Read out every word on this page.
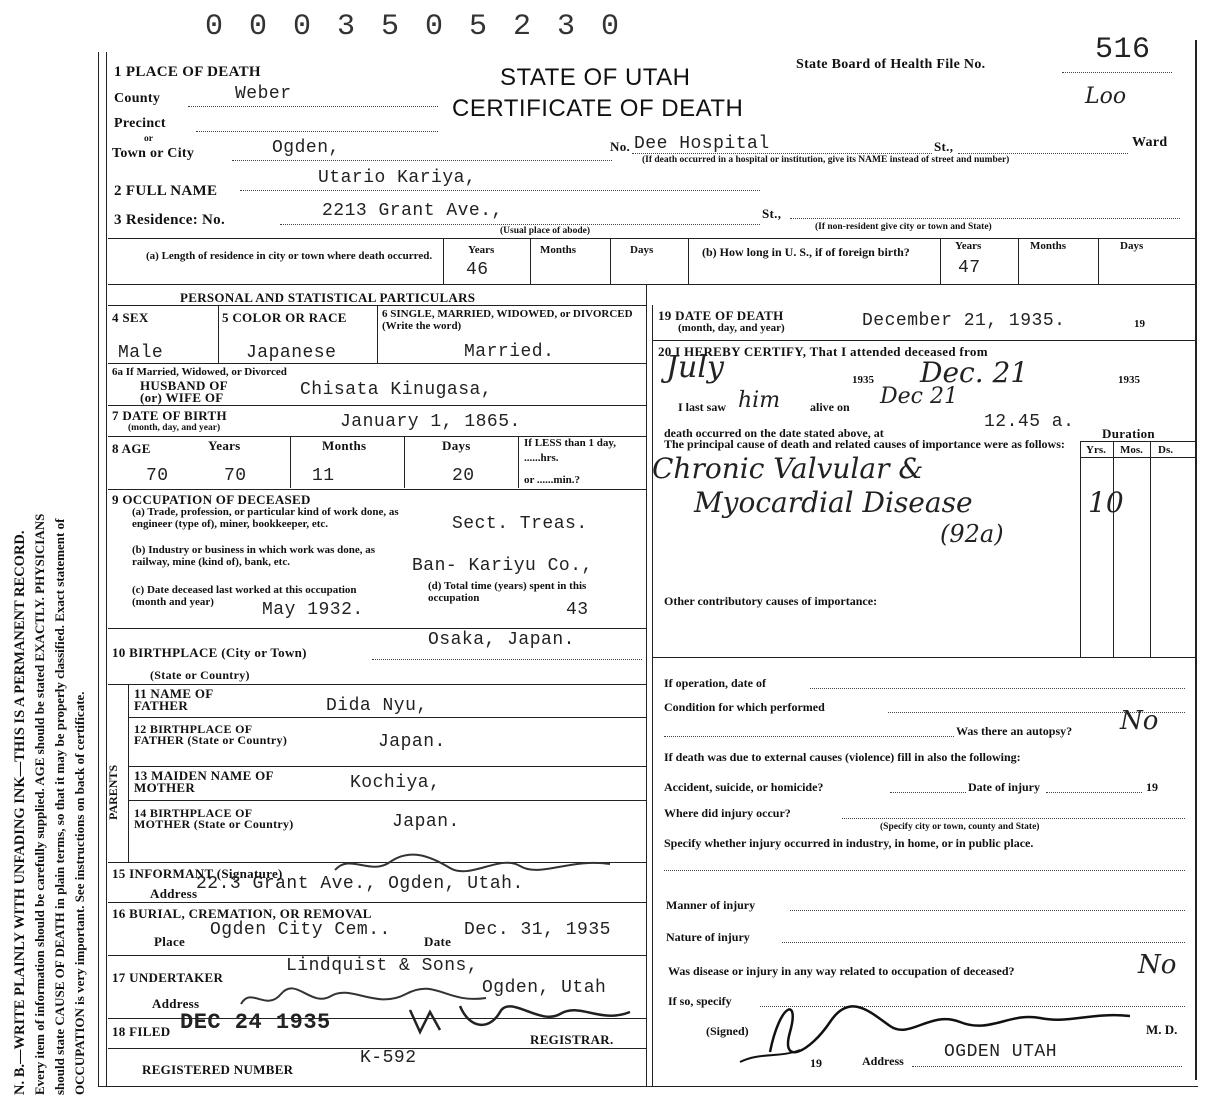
N. B.—WRITE PLAINLY WITH UNFADING INK—THIS IS A PERMANENT RECORD. Every item of information should be carefully supplied. AGE should be stated EXACTLY. PHYSICIANS should state CAUSE OF DEATH in plain terms, so that it may be properly classified. Exact statement of OCCUPATION is very important. See instructions on back of certificate.
0 0 0 3 5 0 5 2 3 0
1 PLACE OF DEATH	STATE OF UTAH
CERTIFICATE OF DEATH
State Board of Health File No.	516
Loo
County	Weber
Precinct
or
Town or City	Ogden,	No. Dee Hospital	St.,	Ward
(If death occurred in a hospital or institution, give its NAME instead of street and number)
2 FULL NAME
Utario Kariya,
3 Residence: No.	2213 Grant Ave.,	St.,
(Usual place of abode)	(If non-resident give city or town and State)
(a) Length of residence in city or town where death occurred.	Years	Months	Days
46
(b) How long in U. S., if of foreign birth?	Years	Months	Days
47
PERSONAL AND STATISTICAL PARTICULARS
4 SEX	5 COLOR OR RACE	6 SINGLE, MARRIED, WIDOWED, or DIVORCED (Write the word)
Male	Japanese	Married.
6a If Married, Widowed, or Divorced
HUSBAND OF
(or) WIFE OF	Chisata Kinugasa,
7 DATE OF BIRTH
(month, day, and year)	January 1, 1865.
8 AGE	Years	Months	Days
70	70	11	20
If LESS than 1 day, ......hrs.
or ......min.?
9 OCCUPATION OF DECEASED
(a) Trade, profession, or particular kind of work done, as engineer (type of), miner, bookkeeper, etc.	Sect. Treas.
(b) Industry or business in which work was done, as railway, mine (kind of), bank, etc.	Ban- Kariyu Co.,
(c) Date deceased last worked at this occupation (month and year)	May 1932.
(d) Total time (years) spent in this occupation
43
10 BIRTHPLACE (City or Town)
Osaka, Japan.
(State or Country)
PARENTS
11 NAME OF FATHER	Dida Nyu,
12 BIRTHPLACE OF FATHER (State or Country)	Japan.
13 MAIDEN NAME OF MOTHER	Kochiya,
14 BIRTHPLACE OF MOTHER (State or Country)	Japan.
15 INFORMANT (Signature)
Address
22.3 Grant Ave., Ogden, Utah.
16 BURIAL, CREMATION, OR REMOVAL
Place
Ogden City Cem..
Date
Dec. 31, 1935
17 UNDERTAKER
Lindquist & Sons,
Address
Ogden, Utah
18 FILED DEC 24 1935
REGISTRAR.
REGISTERED NUMBER
K-592
19 DATE OF DEATH
(month, day, and year)	December 21, 1935.	19
20 I HEREBY CERTIFY, That I attended deceased from
July	Dec. 21
1935	1935
I last saw him alive on Dec 21
death occurred on the date stated above, at
12.45 a.
Duration
Yrs. Mos. Ds.
The principal cause of death and related causes of importance were as follows:
Chronic Valvular &
Myocardial Disease	10
(92a)
Other contributory causes of importance:
If operation, date of
Condition for which performed
Was there an autopsy? No
If death was due to external causes (violence) fill in also the following:
Accident, suicide, or homicide?	Date of injury	19
Where did injury occur?
(Specify city or town, county and State)
Specify whether injury occurred in industry, in home, or in public place.
Manner of injury
Nature of injury
Was disease or injury in any way related to occupation of deceased?	No
If so, specify
(Signed)	M. D.
19	Address OGDEN UTAH
